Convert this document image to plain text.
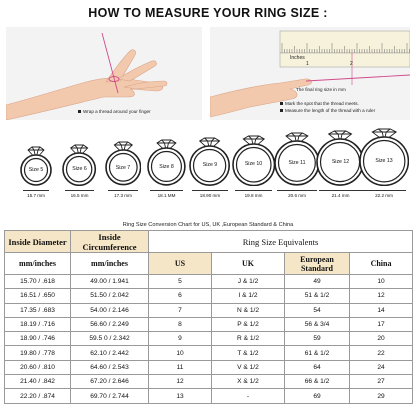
HOW TO MEASURE YOUR RING SIZE :
Wrap a thread around your finger
Inches
1	2
The final ring size in mm
Mark the spot that the thread meets.
Measure the length of the thread with a ruler
Size 5
15.7 mm
Size 6
16.5 mm
Size 7
17.3 mm
Size 8
18.1 MM
Size 9
18.90 mm
Size 10
19.8 mm
Size 11
20.6 mm
Size 12
21.4 mm
Size 13
22.2 mm
Ring Size Conversion Chart for US, UK ,European Standard & China
Inside Diameter	Inside Circumference	Ring Size Equivalents			
mm/inches	mm/inches	US	UK	European Standard	China
15.70 / .618	49.00 / 1.941	5	J & 1/2	49	10
16.51 / .650	51.50 / 2.042	6	I & 1/2	51 & 1/2	12
17.35 / .683	54.00 / 2.146	7	N & 1/2	54	14
18.19 / .716	56.60 / 2.249	8	P & 1/2	56 & 3/4	17
18.90 / .746	59.5 0 / 2.342	9	R & 1/2	59	20
19.80 / .778	62.10 / 2.442	10	T & 1/2	61 & 1/2	22
20.60 / .810	64.60 / 2.543	11	V & 1/2	64	24
21.40 / .842	67.20 / 2.646	12	X & 1/2	66 & 1/2	27
22.20 / .874	69.70 / 2.744	13	-	69	29
